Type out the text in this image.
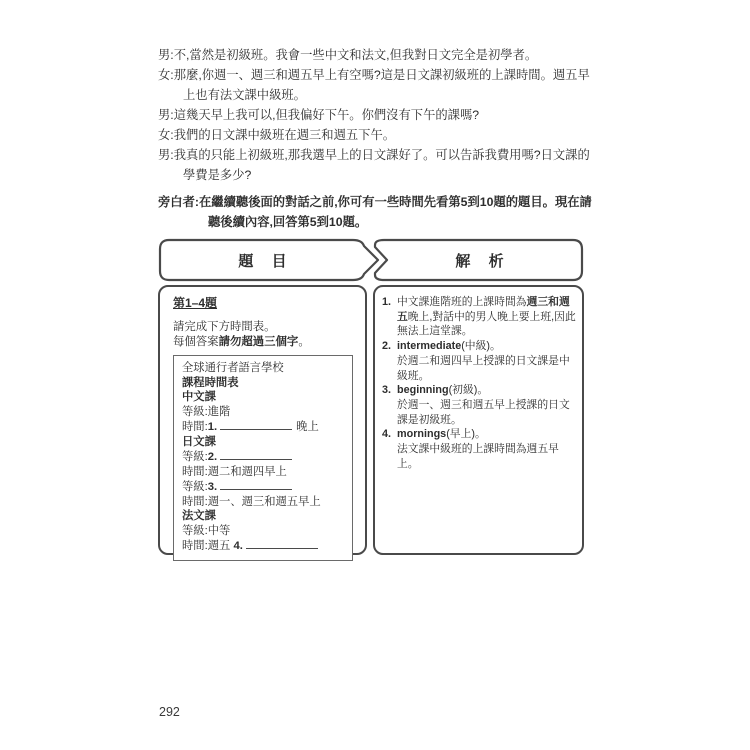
男:不,當然是初級班。我會一些中文和法文,但我對日文完全是初學者。

女:那麼,你週一、週三和週五早上有空嗎?這是日文課初級班的上課時間。週五早上也有法文課中級班。

男:這幾天早上我可以,但我偏好下午。你們沒有下午的課嗎?

女:我們的日文課中級班在週三和週五下午。

男:我真的只能上初級班,那我選早上的日文課好了。可以告訴我費用嗎?日文課的學費是多少?

旁白者:在繼續聽後面的對話之前,你可有一些時間先看第5到10題的題目。現在請聽後續內容,回答第5到10題。

題 目	解 析
第1–4題

請完成下方時間表。

每個答案請勿超過三個字。

全球通行者語言學校
課程時間表
中文課
等級:進階
時間:1.	晚上
日文課
等級:2.
時間:週二和週四早上
等級:3.
時間:週一、週三和週五早上
法文課
等級:中等
時間:週五 4.
1. 中文課進階班的上課時間為週三和週五晚上,對話中的男人晚上要上班,因此無法上這堂課。
2. intermediate(中級)。
於週二和週四早上授課的日文課是中級班。
3. beginning(初級)。
於週一、週三和週五早上授課的日文課是初級班。
4. mornings(早上)。
法文課中級班的上課時間為週五早上。
292
